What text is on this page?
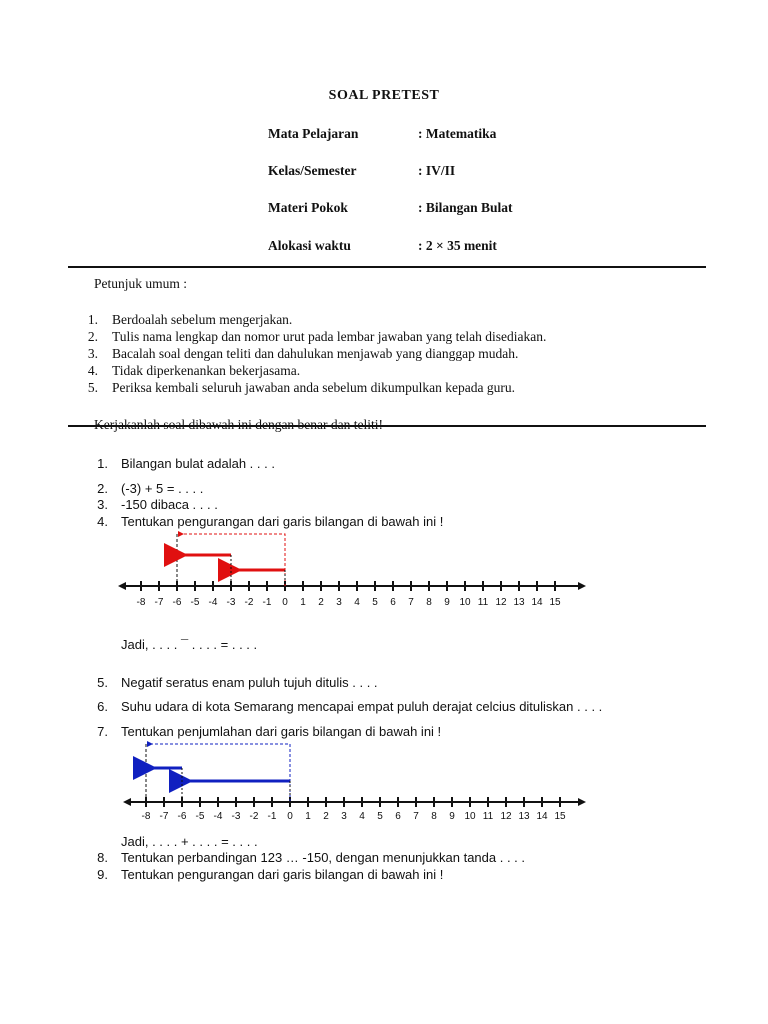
SOAL PRETEST
Mata Pelajaran	: Matematika
Kelas/Semester	: IV/II
Materi Pokok	: Bilangan Bulat
Alokasi waktu	: 2 × 35 menit
Petunjuk umum :
1. Berdoalah sebelum mengerjakan.
2. Tulis nama lengkap dan nomor urut pada lembar jawaban yang telah disediakan.
3. Bacalah soal dengan teliti dan dahulukan menjawab yang dianggap mudah.
4. Tidak diperkenankan bekerjasama.
5. Periksa kembali seluruh jawaban anda sebelum dikumpulkan kepada guru.
1. Bilangan bulat adalah . . . .
2. (-3) + 5 = . . . .
3. -150 dibaca . . . .
4. Tentukan pengurangan dari garis bilangan di bawah ini !
Jadi, . . . . ¯ . . . . = . . . .
5. Negatif seratus enam puluh tujuh ditulis . . . .
6. Suhu udara di kota Semarang mencapai empat puluh derajat celcius dituliskan . . . .
7. Tentukan penjumlahan dari garis bilangan di bawah ini !
Jadi, . . . . + . . . . = . . . .
8. Tentukan perbandingan 123 … -150, dengan menunjukkan tanda . . . .
9. Tentukan pengurangan dari garis bilangan di bawah ini !
-8 -7 -6 -5 -4 -3 -2 -1 0 1 2 3 4 5 6 7 8 9 10 11 12 13 14 15
-8 -7 -6 -5 -4 -3 -2 -1 0 1 2 3 4 5 6 7 8 9 10 11 12 13 14 15
